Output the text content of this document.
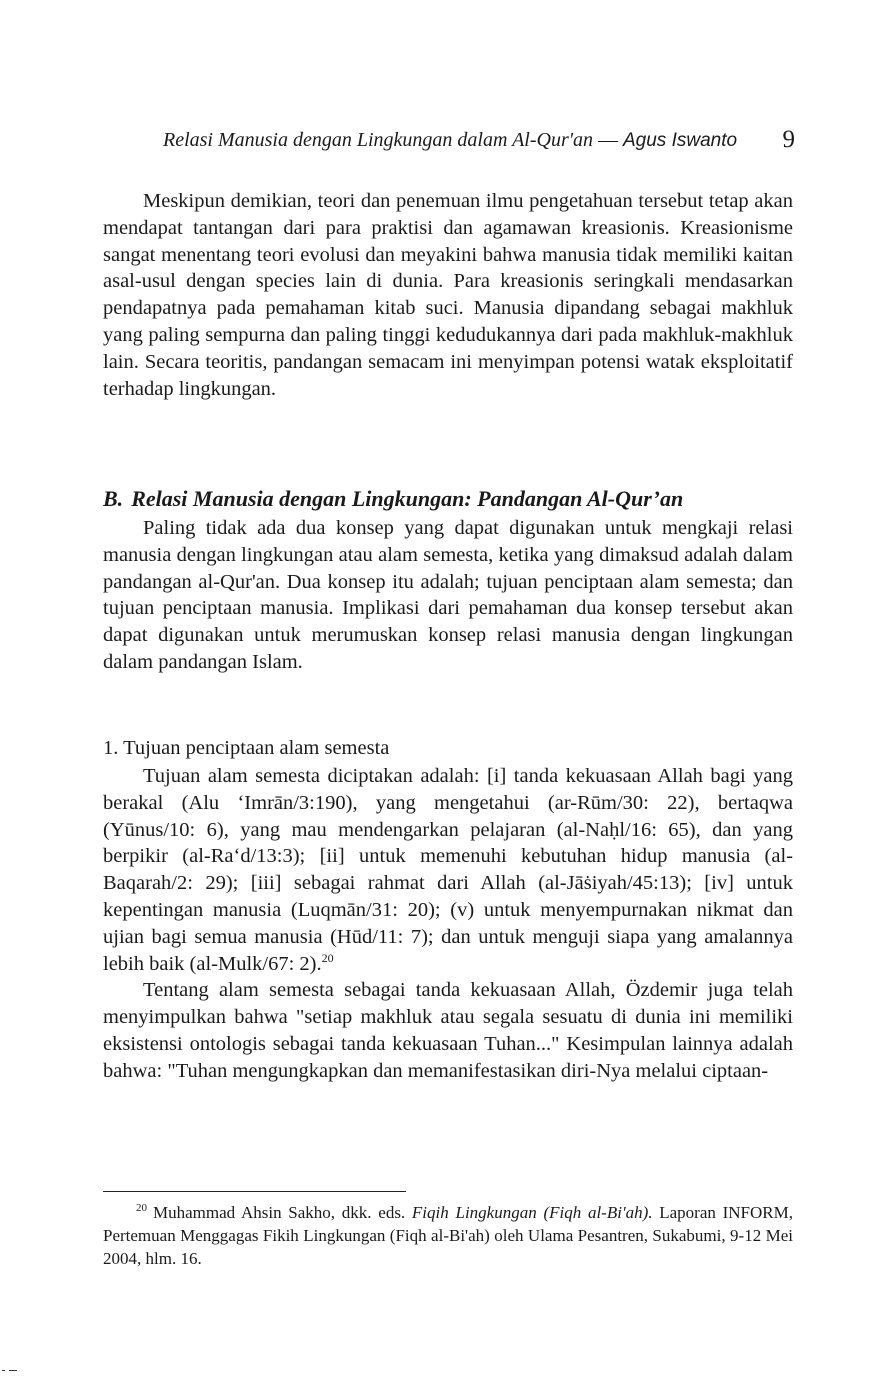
Relasi Manusia dengan Lingkungan dalam Al-Qur'an — Agus Iswanto 9

Meskipun demikian, teori dan penemuan ilmu pengetahuan tersebut tetap akan mendapat tantangan dari para praktisi dan agamawan kreasionis. Kreasionisme sangat menentang teori evolusi dan meyakini bahwa manusia tidak memiliki kaitan asal-usul dengan species lain di dunia. Para kreasionis seringkali mendasarkan pendapatnya pada pemahaman kitab suci. Manusia dipandang sebagai makhluk yang paling sempurna dan paling tinggi kedudukannya dari pada makhluk-makhluk lain. Secara teoritis, pandangan semacam ini menyimpan potensi watak eksploitatif terhadap lingkungan.

B. Relasi Manusia dengan Lingkungan: Pandangan Al-Qur’an

Paling tidak ada dua konsep yang dapat digunakan untuk mengkaji relasi manusia dengan lingkungan atau alam semesta, ketika yang dimaksud adalah dalam pandangan al-Qur'an. Dua konsep itu adalah; tujuan penciptaan alam semesta; dan tujuan penciptaan manusia. Implikasi dari pemahaman dua konsep tersebut akan dapat digunakan untuk merumuskan konsep relasi manusia dengan lingkungan dalam pandangan Islam.

1. Tujuan penciptaan alam semesta

Tujuan alam semesta diciptakan adalah: [i] tanda kekuasaan Allah bagi yang berakal (Alu ‘Imrān/3:190), yang mengetahui (ar-Rūm/30: 22), bertaqwa (Yūnus/10: 6), yang mau mendengarkan pelajaran (al-Naḥl/16: 65), dan yang berpikir (al-Ra‘d/13:3); [ii] untuk memenuhi kebutuhan hidup manusia (al-Baqarah/2: 29); [iii] sebagai rahmat dari Allah (al-Jāṡiyah/45:13); [iv] untuk kepentingan manusia (Luqmān/31: 20); (v) untuk menyempurnakan nikmat dan ujian bagi semua manusia (Hūd/11: 7); dan untuk menguji siapa yang amalannya lebih baik (al-Mulk/67: 2).$^{20}$

Tentang alam semesta sebagai tanda kekuasaan Allah, Özdemir juga telah menyimpulkan bahwa "setiap makhluk atau segala sesuatu di dunia ini memiliki eksistensi ontologis sebagai tanda kekuasaan Tuhan..." Kesimpulan lainnya adalah bahwa: "Tuhan mengungkapkan dan memanifestasikan diri-Nya melalui ciptaan-

$^{20}$ Muhammad Ahsin Sakho, dkk. eds. Fiqih Lingkungan (Fiqh al-Bi'ah). Laporan INFORM, Pertemuan Menggagas Fikih Lingkungan (Fiqh al-Bi'ah) oleh Ulama Pesantren, Sukabumi, 9-12 Mei 2004, hlm. 16.
